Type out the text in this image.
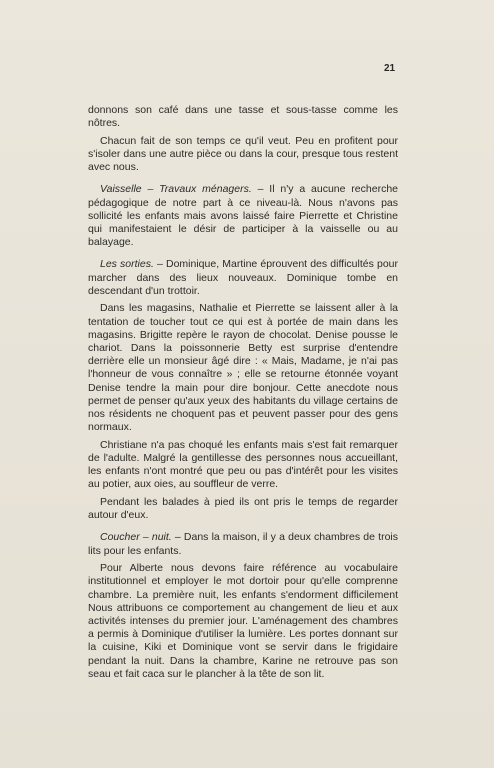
21

donnons son café dans une tasse et sous-tasse comme les nôtres.

Chacun fait de son temps ce qu'il veut. Peu en profitent pour s'isoler dans une autre pièce ou dans la cour, presque tous restent avec nous.

Vaisselle – Travaux ménagers. – Il n'y a aucune recherche pédagogique de notre part à ce niveau-là. Nous n'avons pas sollicité les enfants mais avons laissé faire Pierrette et Christine qui manifestaient le désir de participer à la vaisselle ou au balayage.

Les sorties. – Dominique, Martine éprouvent des difficultés pour marcher dans des lieux nouveaux. Dominique tombe en descendant d'un trottoir.

Dans les magasins, Nathalie et Pierrette se laissent aller à la tentation de toucher tout ce qui est à portée de main dans les magasins. Brigitte repère le rayon de chocolat. Denise pousse le chariot. Dans la poissonnerie Betty est surprise d'entendre derrière elle un monsieur âgé dire : « Mais, Madame, je n'ai pas l'honneur de vous connaître » ; elle se retourne étonnée voyant Denise tendre la main pour dire bonjour. Cette anecdote nous permet de penser qu'aux yeux des habitants du village certains de nos résidents ne choquent pas et peuvent passer pour des gens normaux.

Christiane n'a pas choqué les enfants mais s'est fait remarquer de l'adulte. Malgré la gentillesse des personnes nous accueillant, les enfants n'ont montré que peu ou pas d'intérêt pour les visites au potier, aux oies, au souffleur de verre.

Pendant les balades à pied ils ont pris le temps de regarder autour d'eux.

Coucher – nuit. – Dans la maison, il y a deux chambres de trois lits pour les enfants.

Pour Alberte nous devons faire référence au vocabulaire institutionnel et employer le mot dortoir pour qu'elle comprenne chambre. La première nuit, les enfants s'endorment difficilement Nous attribuons ce comportement au changement de lieu et aux activités intenses du premier jour. L'aménagement des chambres a permis à Dominique d'utiliser la lumière. Les portes donnant sur la cuisine, Kiki et Dominique vont se servir dans le frigidaire pendant la nuit. Dans la chambre, Karine ne retrouve pas son seau et fait caca sur le plancher à la tête de son lit.
